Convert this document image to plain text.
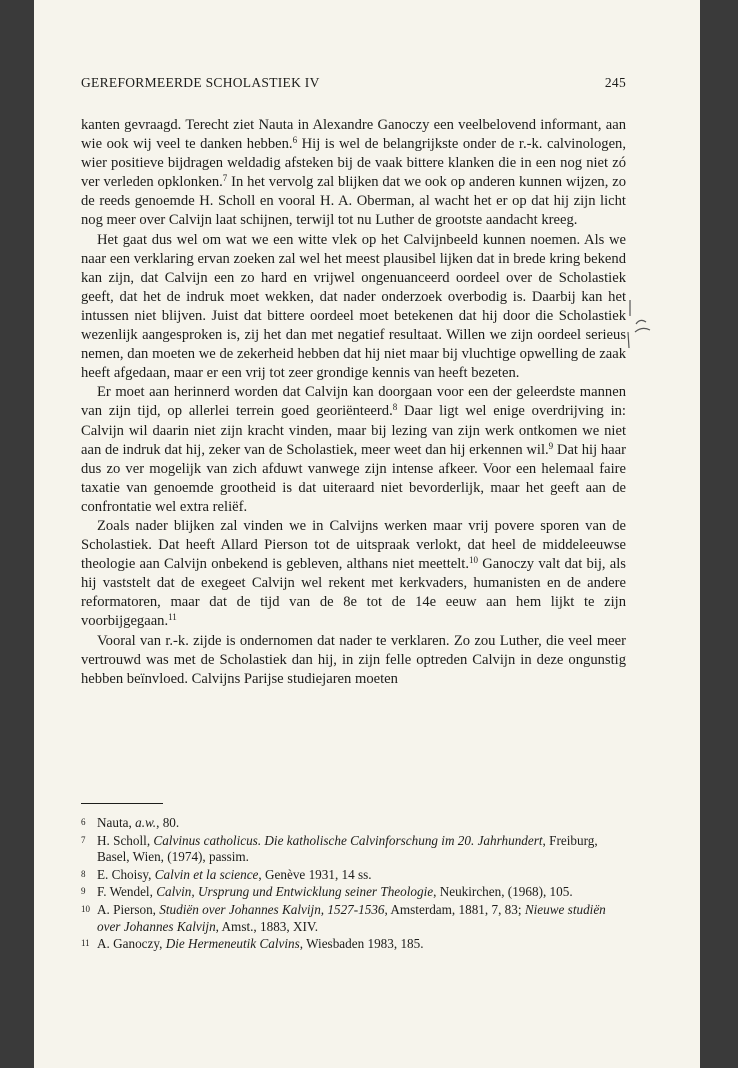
GEREFORMEERDE SCHOLASTIEK IV	245

kanten gevraagd. Terecht ziet Nauta in Alexandre Ganoczy een veelbelovend informant, aan wie ook wij veel te danken hebben.$^6$ Hij is wel de belangrijkste onder de r.-k. calvinologen, wier positieve bijdragen weldadig afsteken bij de vaak bittere klanken die in een nog niet zó ver verleden opklonken.$^7$ In het vervolg zal blijken dat we ook op anderen kunnen wijzen, zo de reeds genoemde H. Scholl en vooral H. A. Oberman, al wacht het er op dat hij zijn licht nog meer over Calvijn laat schijnen, terwijl tot nu Luther de grootste aandacht kreeg.

Het gaat dus wel om wat we een witte vlek op het Calvijnbeeld kunnen noemen. Als we naar een verklaring ervan zoeken zal wel het meest plausibel lijken dat in brede kring bekend kan zijn, dat Calvijn een zo hard en vrijwel ongenuanceerd oordeel over de Scholastiek geeft, dat het de indruk moet wekken, dat nader onderzoek overbodig is. Daarbij kan het intussen niet blijven. Juist dat bittere oordeel moet betekenen dat hij door die Scholastiek wezenlijk aangesproken is, zij het dan met negatief resultaat. Willen we zijn oordeel serieus nemen, dan moeten we de zekerheid hebben dat hij niet maar bij vluchtige opwelling de zaak heeft afgedaan, maar er een vrij tot zeer grondige kennis van heeft bezeten.

Er moet aan herinnerd worden dat Calvijn kan doorgaan voor een der geleerdste mannen van zijn tijd, op allerlei terrein goed georiënteerd.$^8$ Daar ligt wel enige overdrijving in: Calvijn wil daarin niet zijn kracht vinden, maar bij lezing van zijn werk ontkomen we niet aan de indruk dat hij, zeker van de Scholastiek, meer weet dan hij erkennen wil.$^9$ Dat hij haar dus zo ver mogelijk van zich afduwt vanwege zijn intense afkeer. Voor een helemaal faire taxatie van genoemde grootheid is dat uiteraard niet bevorderlijk, maar het geeft aan de confrontatie wel extra reliëf.

Zoals nader blijken zal vinden we in Calvijns werken maar vrij povere sporen van de Scholastiek. Dat heeft Allard Pierson tot de uitspraak verlokt, dat heel de middeleeuwse theologie aan Calvijn onbekend is gebleven, althans niet meettelt.$^{10}$ Ganoczy valt dat bij, als hij vaststelt dat de exegeet Calvijn wel rekent met kerkvaders, humanisten en de andere reformatoren, maar dat de tijd van de 8e tot de 14e eeuw aan hem lijkt te zijn voorbijgegaan.$^{11}$

Vooral van r.-k. zijde is ondernomen dat nader te verklaren. Zo zou Luther, die veel meer vertrouwd was met de Scholastiek dan hij, in zijn felle optreden Calvijn in deze ongunstig hebben beïnvloed. Calvijns Parijse studiejaren moeten

6 Nauta, a.w., 80.
7 H. Scholl, Calvinus catholicus. Die katholische Calvinforschung im 20. Jahrhundert, Freiburg, Basel, Wien, (1974), passim.
8 E. Choisy, Calvin et la science, Genève 1931, 14 ss.
9 F. Wendel, Calvin, Ursprung und Entwicklung seiner Theologie, Neukirchen, (1968), 105.
10 A. Pierson, Studiën over Johannes Kalvijn, 1527-1536, Amsterdam, 1881, 7, 83; Nieuwe studiën over Johannes Kalvijn, Amst., 1883, XIV.
11 A. Ganoczy, Die Hermeneutik Calvins, Wiesbaden 1983, 185.
